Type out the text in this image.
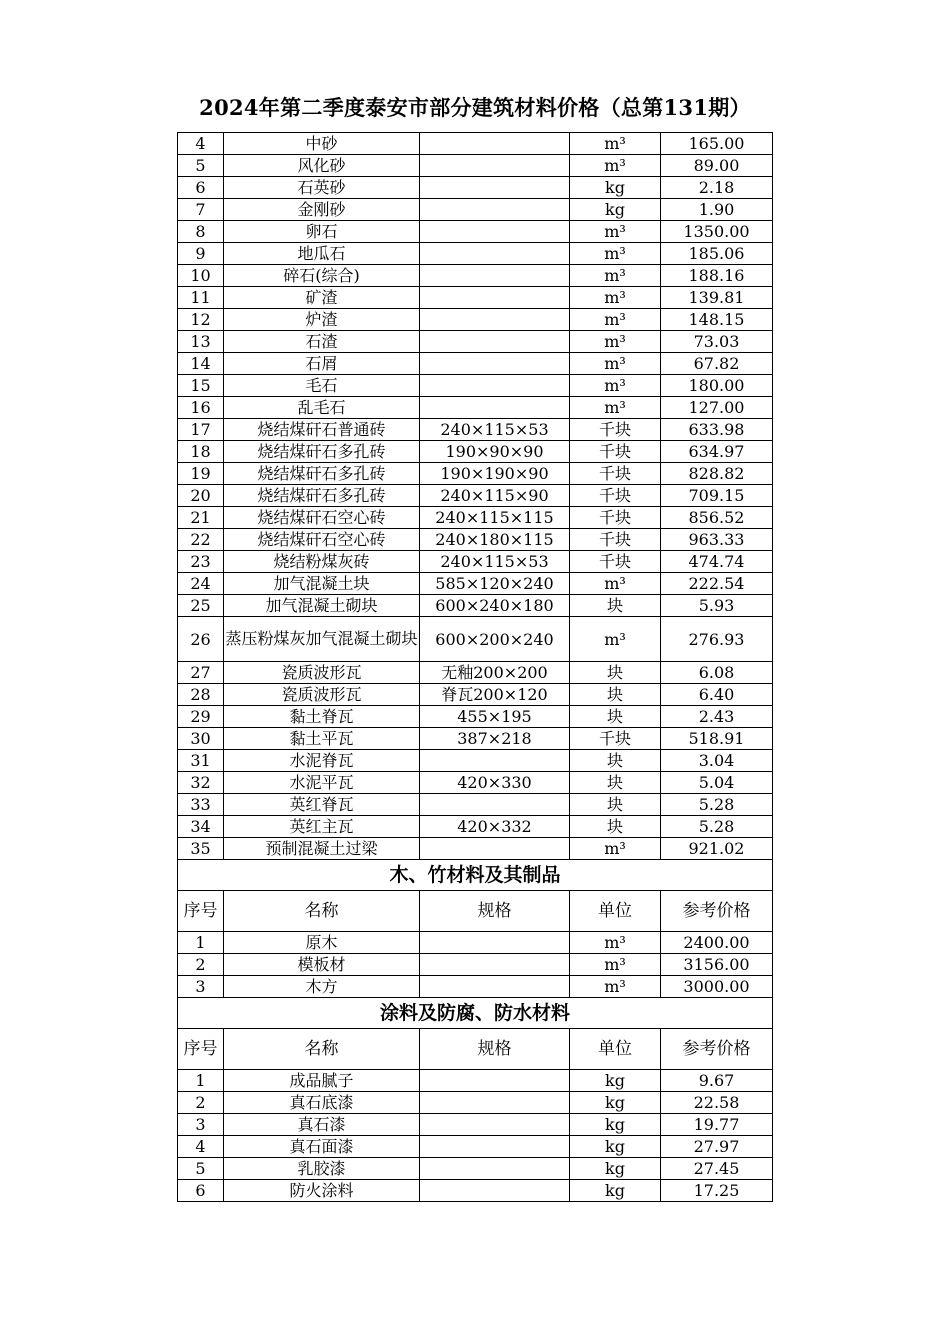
2024年第二季度泰安市部分建筑材料价格（总第131期）
4	中砂		m³	165.00
5	风化砂		m³	89.00
6	石英砂		kg	2.18
7	金刚砂		kg	1.90
8	卵石		m³	1350.00
9	地瓜石		m³	185.06
10	碎石(综合)		m³	188.16
11	矿渣		m³	139.81
12	炉渣		m³	148.15
13	石渣		m³	73.03
14	石屑		m³	67.82
15	毛石		m³	180.00
16	乱毛石		m³	127.00
17	烧结煤矸石普通砖	240×115×53	千块	633.98
18	烧结煤矸石多孔砖	190×90×90	千块	634.97
19	烧结煤矸石多孔砖	190×190×90	千块	828.82
20	烧结煤矸石多孔砖	240×115×90	千块	709.15
21	烧结煤矸石空心砖	240×115×115	千块	856.52
22	烧结煤矸石空心砖	240×180×115	千块	963.33
23	烧结粉煤灰砖	240×115×53	千块	474.74
24	加气混凝土块	585×120×240	m³	222.54
25	加气混凝土砌块	600×240×180	块	5.93
26	蒸压粉煤灰加气混凝土砌块	600×200×240	m³	276.93
27	瓷质波形瓦	无釉200×200	块	6.08
28	瓷质波形瓦	脊瓦200×120	块	6.40
29	黏土脊瓦	455×195	块	2.43
30	黏土平瓦	387×218	千块	518.91
31	水泥脊瓦		块	3.04
32	水泥平瓦	420×330	块	5.04
33	英红脊瓦		块	5.28
34	英红主瓦	420×332	块	5.28
35	预制混凝土过梁		m³	921.02
木、竹材料及其制品				
序号	名称	规格	单位	参考价格
1	原木		m³	2400.00
2	模板材		m³	3156.00
3	木方		m³	3000.00
涂料及防腐、防水材料				
序号	名称	规格	单位	参考价格
1	成品腻子		kg	9.67
2	真石底漆		kg	22.58
3	真石漆		kg	19.77
4	真石面漆		kg	27.97
5	乳胶漆		kg	27.45
6	防火涂料		kg	17.25
